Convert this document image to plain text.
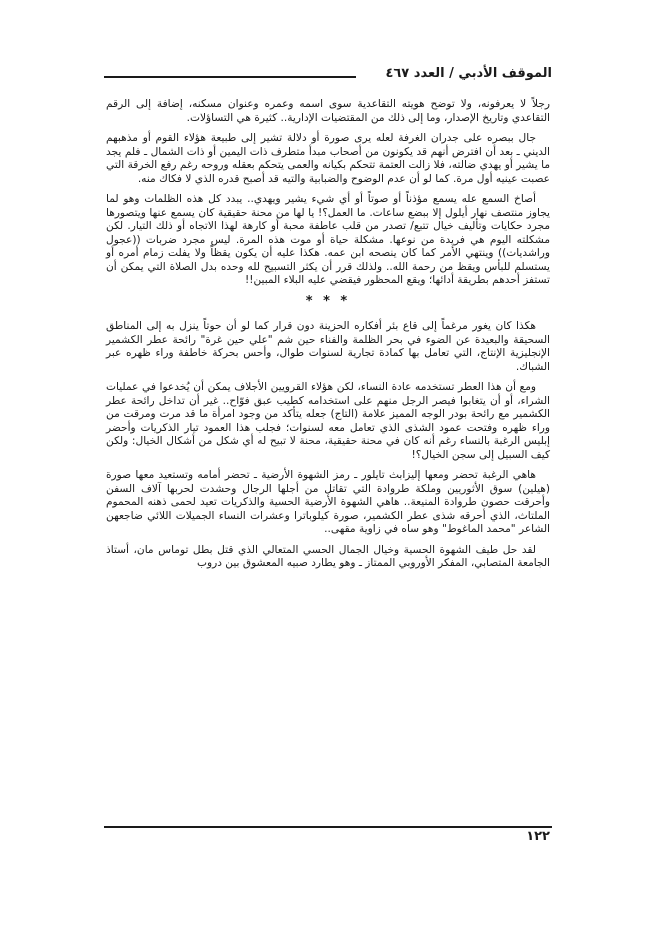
الموقف الأدبي / العدد ٤٦٧

رجلاً لا يعرفونه، ولا توضح هويته التقاعدية سوى اسمه وعمره وعنوان مسكنه، إضافة إلى الرقم التقاعدي وتاريخ الإصدار، وما إلى ذلك من المقتضيات الإدارية.. كثيرة هي التساؤلات.

جال ببصره على جدران الغرفة لعله يرى صورة أو دلالة تشير إلى طبيعة هؤلاء القوم أو مذهبهم الديني ـ بعد أن افترض أنهم قد يكونون من أصحاب مبدأ متطرف ذات اليمين أو ذات الشمال ـ فلم يجد ما يشير أو يهدي ضالته، فلا زالت العتمة تتحكم بكيانه والعمى يتحكم بعقله وروحه رغم رفع الخرقة التي عصبت عينيه أول مرة. كما لو أن عدم الوضوح والضبابية والتيه قد أصبح قدره الذي لا فكاك منه.

أصاخ السمع عله يسمع مؤذناً أو صوتاً أو أي شيء يشير ويهدي.. يبدد كل هذه الظلمات وهو لما يجاوز منتصف نهار أيلول إلا ببضع ساعات. ما العمل؟! يا لها من محنة حقيقية كان يسمع عنها ويتصورها مجرد حكايات وتأليف خيال تتبع/ تصدر من قلب عاطفة محبة أو كارهة لهذا الاتجاه أو ذلك التيار. لكن مشكلته اليوم هي فريدة من نوعها. مشكلة حياة أو موت هذه المرة. ليس مجرد ضربات ((عجول وراشديات)) وينتهي الأمر كما كان ينصحه ابن عمه. هكذا عليه أن يكون يقظاً ولا يفلت زمام أمره أو يستسلم للبأس ويقظ من رحمة الله.. ولذلك قرر أن يكثر التسبيح لله وحده بدل الصلاة التي يمكن أن تستفز أحدهم بطريقة أدائها؛ ويقع المحظور فيقضي عليه البلاء المبين!!

* * *

هكذا كان يغور مرغماً إلى قاع بئر أفكاره الحزينة دون قرار كما لو أن حوتاً ينزل به إلى المناطق السحيقة والبعيدة عن الضوء في بحر الظلمة والفناء حين شم "علي حين غرة" رائحة عطر الكشمير الإنجليزية الإنتاج، التي تعامل بها كمادة تجارية لسنوات طوال، وأحس بحركة خاطفة وراء ظهره عبر الشباك.

ومع أن هذا العطر تستخدمه عادة النساء، لكن هؤلاء القرويين الأجلاف يمكن أن يُخدعوا في عمليات الشراء، أو أن يتغابوا فيصر الرجل منهم على استخدامه كطيب عبق فوّاح.. غير أن تداخل رائحة عطر الكشمير مع رائحة بودر الوجه المميز علامة (التاج) جعله يتأكد من وجود امرأة ما قد مرت ومرقت من وراء ظهره وفتحت عمود الشذى الذي تعامل معه لسنوات؛ فجلب هذا العمود تيار الذكريات وأحضر إبليس الرغبة بالنساء رغم أنه كان في محنة حقيقية، محنة لا تبيح له أي شكل من أشكال الخيال: ولكن كيف السبيل إلى سجن الخيال؟!

هاهي الرغبة تحضر ومعها إليزابث تايلور ـ رمز الشهوة الأرضية ـ تحضر أمامه وتستعيد معها صورة (هيلين) سوق الأثوريين وملكة طروادة التي تقاتل من أجلها الرجال وحشدت لحربها آلاف السفن وأحرقت حصون طروادة المنيعة.. هاهي الشهوة الأرضية الحسية والذكريات تعيد لحمى ذهنه المحموم الملتاث، الذي أحرقه شذى عطر الكشمير، صورة كيلوباترا وعشرات النساء الجميلات اللائي ضاجعهن الشاعر "محمد الماغوط" وهو ساه في زاوية مقهى..

لقد حل طيف الشهوة الحسية وخيال الجمال الحسي المتعالي الذي قتل بطل توماس مان، أستاذ الجامعة المتصابي، المفكر الأوروبي الممتاز ـ وهو يطارد صبيه المعشوق بين دروب

١٢٢
